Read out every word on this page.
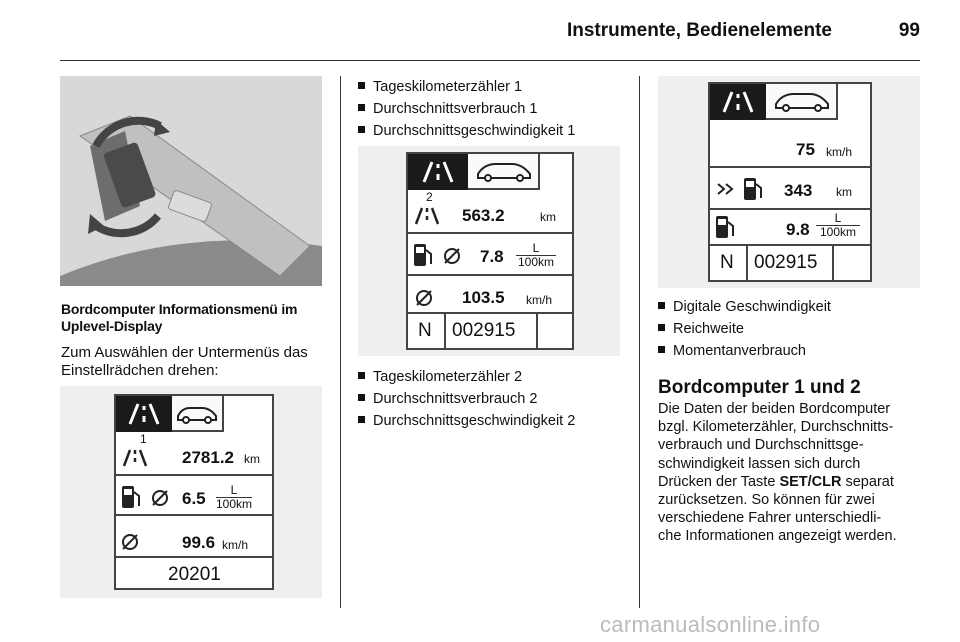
Instrumente, Bedienelemente	99
Bordcomputer Informationsmenü im Uplevel-Display
Zum Auswählen der Untermenüs das Einstellrädchen drehen:
1
2781.2 km
$6.5 \frac{L}{100km}$
99.6 km/h
20201
Tageskilometerzähler 1
Durchschnittsverbrauch 1
Durchschnittsgeschwindigkeit 1
2
563.2	km
$7.8 \frac{L}{100km}$
103.5 km/h
N 002915
Tageskilometerzähler 2
Durchschnittsverbrauch 2
Durchschnittsgeschwindigkeit 2
75 km/h
343 km
$9.8 \frac{L}{100km}$
N 002915
Digitale Geschwindigkeit
Reichweite
Momentanverbrauch
Bordcomputer 1 und 2
Die Daten der beiden Bordcomputer
bzgl. Kilometerzähler, Durchschnitts-
verbrauch und Durchschnittsge-
schwindigkeit lassen sich durch
Drücken der Taste SET/CLR separat
zurücksetzen. So können für zwei
verschiedene Fahrer unterschiedli-
che Informationen angezeigt werden.
carmanualsonline.info
